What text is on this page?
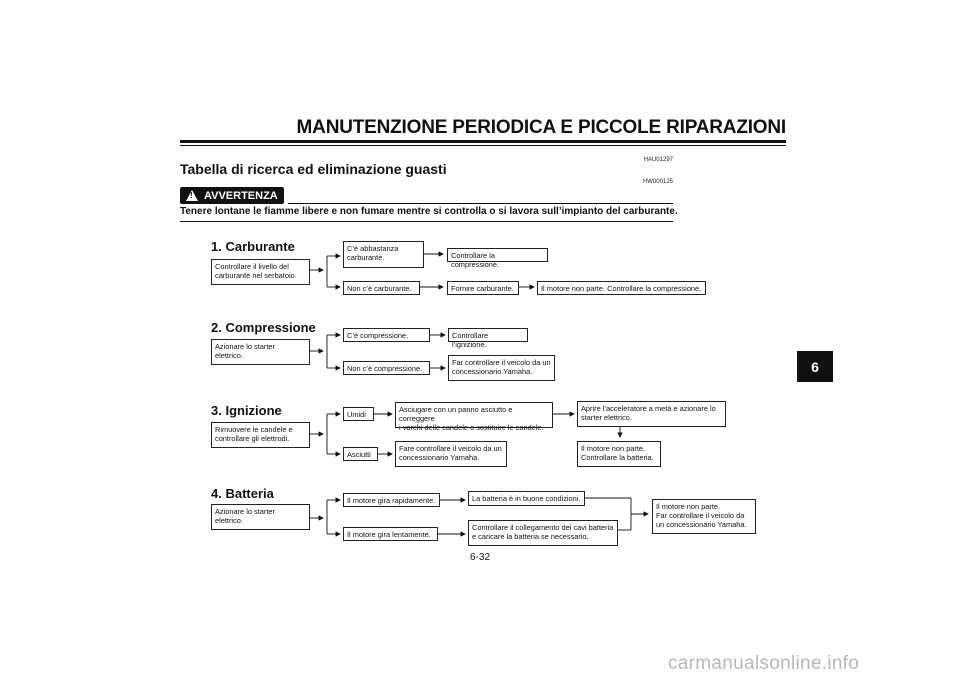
MANUTENZIONE PERIODICA E PICCOLE RIPARAZIONI
HAU01297
Tabella di ricerca ed eliminazione guasti
HW000125
! AVVERTENZA
Tenere lontane le fiamme libere e non fumare mentre si controlla o si lavora sull’impianto del carburante.
1. Carburante
Controllare il livello del
carburante nel serbatoio.
C’è abbastanza
carburante.	Controllare la compressione.
Non c’è carburante.	Fornire carburante.	Il motore non parte. Controllare la compressione.
2. Compressione
Azionare lo starter
elettrico.
C’è compressione.	Controllare l’ignizione.
Non c’è compressione.
Far controllare il veicolo da un
concessionario Yamaha.
3. Ignizione
Rimuovere le candele e
controllare gli elettrodi.
Umidi
Asciugare con un panno asciutto e correggere
i varchi delle candele o sostituire le candele.
Aprire l’acceleratore a metà e azionare lo
starter elettrico.
Il motore non parte.
Controllare la batteria.
Asciutti
Fare controllare il veicolo da un
concessionario Yamaha.
4. Batteria
Azionare lo starter
elettrico.
Il motore gira rapidamente.	La batteria è in buone condizioni.
Il motore gira lentamente.
Controllare il collegamento dei cavi batteria
e caricare la batteria se necessario.
Il motore non parte.
Far controllare il veicolo da
un concessionario Yamaha.
6-32
6
carmanualsonline.info
